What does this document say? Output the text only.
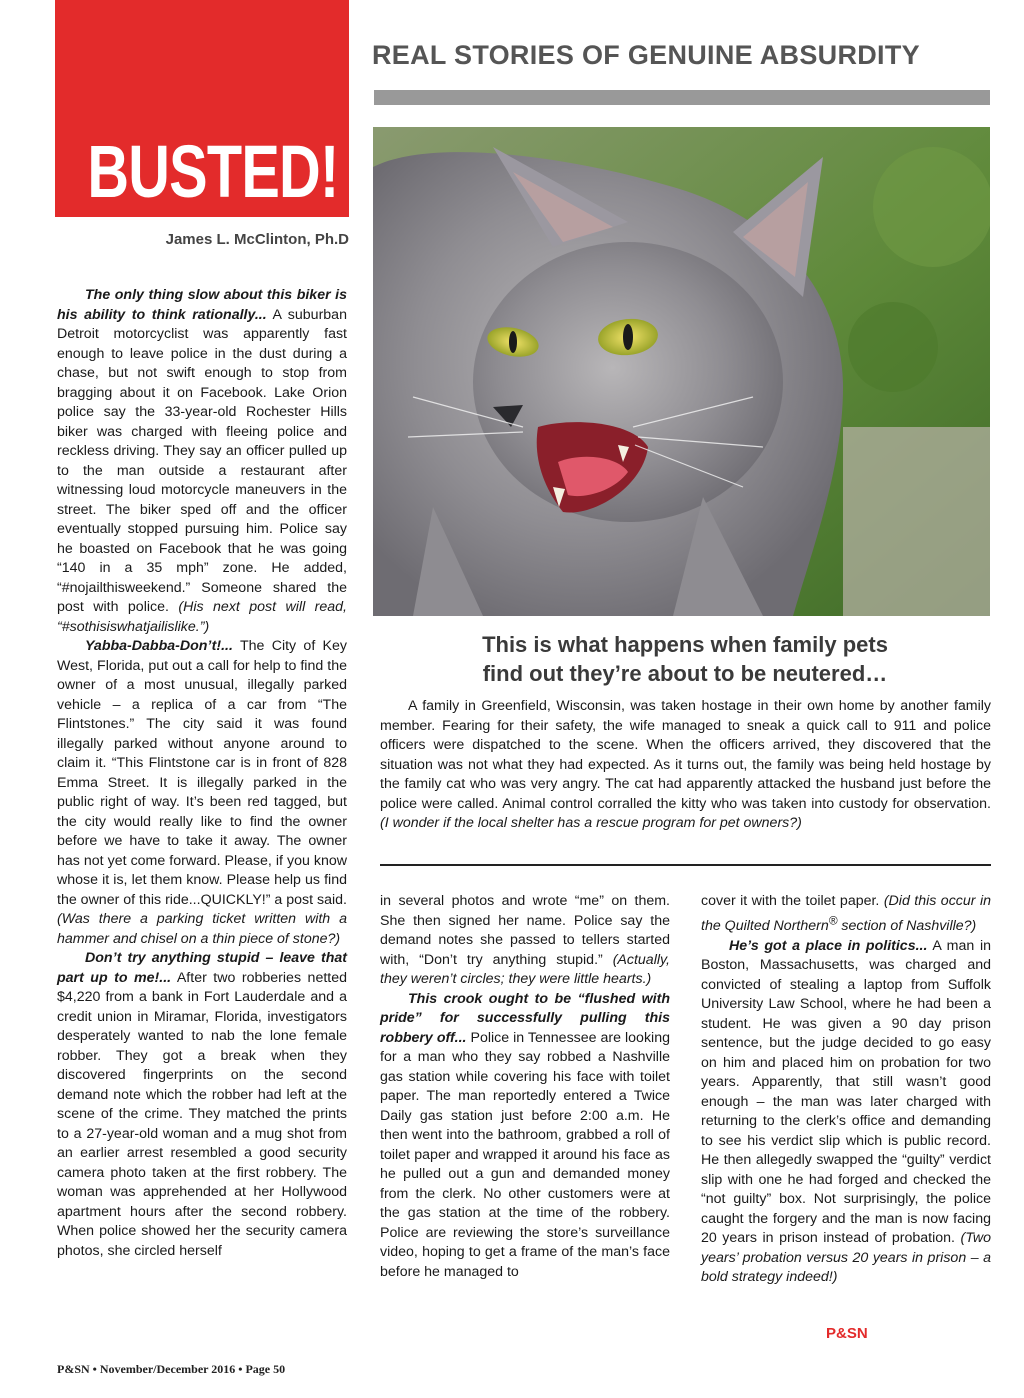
BUSTED!
REAL STORIES OF GENUINE ABSURDITY
James L. McClinton, Ph.D
This is what happens when family pets
find out they’re about to be neutered…

A family in Greenfield, Wisconsin, was taken hostage in their own home by another family member. Fearing for their safety, the wife managed to sneak a quick call to 911 and police officers were dispatched to the scene. When the officers arrived, they discovered that the situation was not what they had expected. As it turns out, the family was being held hostage by the family cat who was very angry. The cat had apparently attacked the husband just before the police were called. Animal control corralled the kitty who was taken into custody for observation. (I wonder if the local shelter has a rescue program for pet owners?)

The only thing slow about this biker is his ability to think rationally... A suburban Detroit motorcyclist was apparently fast enough to leave police in the dust during a chase, but not swift enough to stop from bragging about it on Facebook. Lake Orion police say the 33-year-old Rochester Hills biker was charged with fleeing police and reckless driving. They say an officer pulled up to the man outside a restaurant after witnessing loud motorcycle maneuvers in the street. The biker sped off and the officer eventually stopped pursuing him. Police say he boasted on Facebook that he was going “140 in a 35 mph” zone. He added, “#nojailthisweekend.” Someone shared the post with police. (His next post will read, “#sothisiswhatjailislike.”)

Yabba-Dabba-Don’t!... The City of Key West, Florida, put out a call for help to find the owner of a most unusual, illegally parked vehicle – a replica of a car from “The Flintstones.” The city said it was found illegally parked without anyone around to claim it. “This Flintstone car is in front of 828 Emma Street. It is illegally parked in the public right of way. It’s been red tagged, but the city would really like to find the owner before we have to take it away. The owner has not yet come forward. Please, if you know whose it is, let them know. Please help us find the owner of this ride...QUICKLY!” a post said. (Was there a parking ticket written with a hammer and chisel on a thin piece of stone?)

Don’t try anything stupid – leave that part up to me!... After two robberies netted $4,220 from a bank in Fort Lauderdale and a credit union in Miramar, Florida, investigators desperately wanted to nab the lone female robber. They got a break when they discovered fingerprints on the second demand note which the robber had left at the scene of the crime. They matched the prints to a 27-year-old woman and a mug shot from an earlier arrest resembled a good security camera photo taken at the first robbery. The woman was apprehended at her Hollywood apartment hours after the second robbery. When police showed her the security camera photos, she circled herself

in several photos and wrote “me” on them. She then signed her name. Police say the demand notes she passed to tellers started with, “Don’t try anything stupid.” (Actually, they weren’t circles; they were little hearts.)

This crook ought to be “flushed with pride” for successfully pulling this robbery off... Police in Tennessee are looking for a man who they say robbed a Nashville gas station while covering his face with toilet paper. The man reportedly entered a Twice Daily gas station just before 2:00 a.m. He then went into the bathroom, grabbed a roll of toilet paper and wrapped it around his face as he pulled out a gun and demanded money from the clerk. No other customers were at the gas station at the time of the robbery. Police are reviewing the store’s surveillance video, hoping to get a frame of the man’s face before he managed to

cover it with the toilet paper. (Did this occur in the Quilted Northern® section of Nashville?)

He’s got a place in politics... A man in Boston, Massachusetts, was charged and convicted of stealing a laptop from Suffolk University Law School, where he had been a student. He was given a 90 day prison sentence, but the judge decided to go easy on him and placed him on probation for two years. Apparently, that still wasn’t good enough – the man was later charged with returning to the clerk’s office and demanding to see his verdict slip which is public record. He then allegedly swapped the “guilty” verdict slip with one he had forged and checked the “not guilty” box. Not surprisingly, the police caught the forgery and the man is now facing 20 years in prison instead of probation. (Two years’ probation versus 20 years in prison – a bold strategy indeed!)

P&SN

P&SN • November/December 2016 • Page 50
